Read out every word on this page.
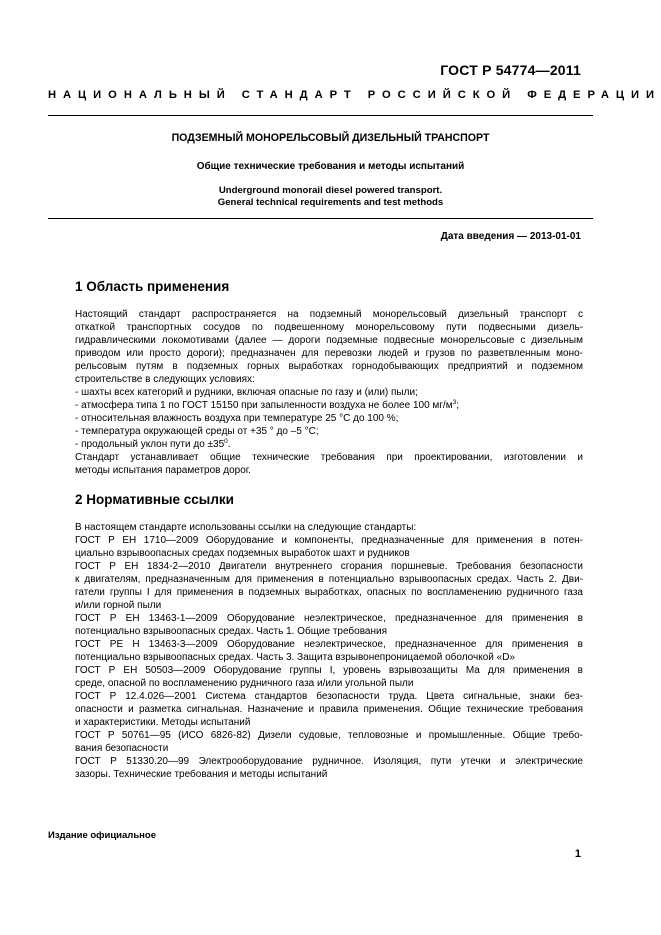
ГОСТ Р 54774—2011
НАЦИОНАЛЬНЫЙ СТАНДАРТ РОССИЙСКОЙ ФЕДЕРАЦИИ
ПОДЗЕМНЫЙ МОНОРЕЛЬСОВЫЙ ДИЗЕЛЬНЫЙ ТРАНСПОРТ
Общие технические требования и методы испытаний
Underground monorail diesel powered transport.
General technical requirements and test methods
Дата введения — 2013-01-01
1 Область применения
Настоящий стандарт распространяется на подземный монорельсовый дизельный транспорт с
откаткой транспортных сосудов по подвешенному монорельсовому пути подвесными дизель-
гидравлическими локомотивами (далее — дороги подземные подвесные монорельсовые с дизельным
приводом или просто дороги); предназначен для перевозки людей и грузов по разветвленным моно-
рельсовым путям в подземных горных выработках горнодобывающих предприятий и подземном
строительстве в следующих условиях:
- шахты всех категорий и рудники, включая опасные по газу и (или) пыли;
- атмосфера типа 1 по ГОСТ 15150 при запыленности воздуха не более 100 $мг/м^3$;
- относительная влажность воздуха при температуре 25 °С до 100 %;
- температура окружающей среды от +35 ° до –5 °С;
- продольный уклон пути до $\pm 35^0$.
Стандарт устанавливает общие технические требования при проектировании, изготовлении и
методы испытания параметров дорог.
2 Нормативные ссылки
В настоящем стандарте использованы ссылки на следующие стандарты:
ГОСТ Р ЕН 1710—2009 Оборудование и компоненты, предназначенные для применения в потен-
циально взрывоопасных средах подземных выработок шахт и рудников
ГОСТ Р ЕН 1834-2—2010 Двигатели внутреннего сгорания поршневые. Требования безопасности
к двигателям, предназначенным для применения в потенциально взрывоопасных средах. Часть 2. Дви-
гатели группы I для применения в подземных выработках, опасных по воспламенению рудничного газа
и/или горной пыли
ГОСТ Р ЕН 13463-1—2009 Оборудование неэлектрическое, предназначенное для применения в
потенциально взрывоопасных средах. Часть 1. Общие требования
ГОСТ РЕ Н 13463-3—2009 Оборудование неэлектрическое, предназначенное для применения в
потенциально взрывоопасных средах. Часть 3. Защита взрывонепроницаемой оболочкой «D»
ГОСТ Р ЕН 50503—2009 Оборудование группы I, уровень взрывозащиты Ма для применения в
среде, опасной по воспламенению рудничного газа и/или угольной пыли
ГОСТ Р 12.4.026—2001 Система стандартов безопасности труда. Цвета сигнальные, знаки без-
опасности и разметка сигнальная. Назначение и правила применения. Общие технические требования
и характеристики. Методы испытаний
ГОСТ Р 50761—95 (ИСО 6826-82) Дизели судовые, тепловозные и промышленные. Общие требо-
вания безопасности
ГОСТ Р 51330.20—99 Электрооборудование рудничное. Изоляция, пути утечки и электрические
зазоры. Технические требования и методы испытаний
Издание официальное
1
